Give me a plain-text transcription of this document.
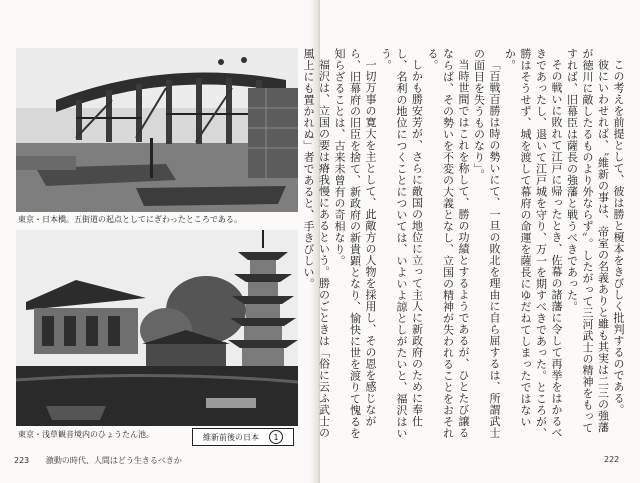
東京・日本橋。五街道の起点としてにぎわったところである。
東京・浅草観音境内のひょうたん池。	維新前後の日本	1
223 激動の時代、人間はどう生きるべきか

この考えを前提として、彼は勝と榎本をきびしく批判するのである。

彼にいわせれば、〝維新の事は、帝室の名義ありと雖も其実は二三の強藩が徳川に敵したるものより外ならず〟。したがって三河武士の精神をもってすれば、旧幕臣は薩長の強藩と戦うべきであった。

その戦いに敗れて江戸に帰ったとき、佐幕の諸藩に令して再挙をはかるべきであったし、退いて江戸城を守り、万一を期すべきであった。ところが、勝はそうせず、城を渡して幕府の命運を薩長にゆだねてしまったではないか。

「百戦百勝は時の勢いにて、一旦の敗北を理由に自ら屈するは、所謂武士の面目を失うものなり」。

当時世間ではこれを称して、勝の功績とするようであるが、ひとたび譲るならば、その勢いを不変の大義となし、立国の精神が失われることをおそれる。

しかも勝安芳が、さらに敵国の地位に立って主人に新政府のために奉仕し、名利の地位につくことについては、いよいよ諒としがたいと、福沢はいう。

一切万事の寛大を主として、此敵方の人物を採用し、その恩を感じながら、旧幕府の旧臣を捨て、新政府の新貴顕となり、愉快に世を渡りて愧るを知らざることは、古来未曾有の奇相なり。

福沢は、立国の要は瘠我慢にあるという。勝のごときは「俗に云ふ武士の風上にも置かれぬ」者であると、手きびしい。

222
